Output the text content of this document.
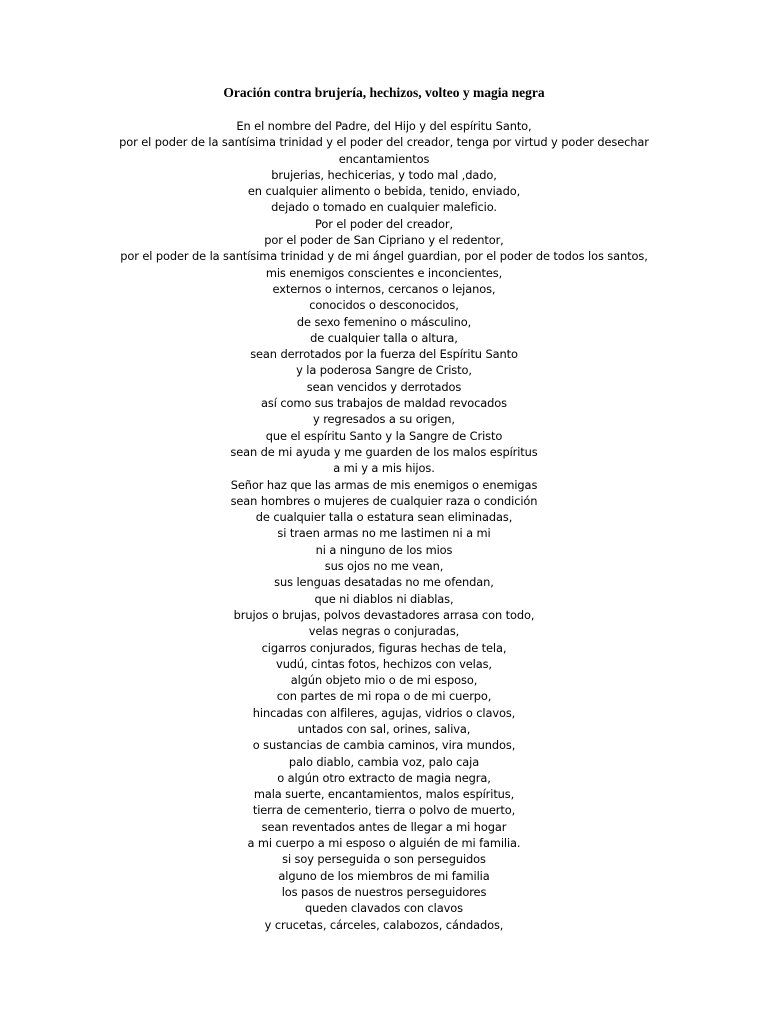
Oración contra brujería, hechizos, volteo y magia negra
En el nombre del Padre, del Hijo y del espíritu Santo,
por el poder de la santísima trinidad y el poder del creador, tenga por virtud y poder desechar
encantamientos
brujerias, hechicerias, y todo mal ,dado,
en cualquier alimento o bebida, tenido, enviado,
dejado o tomado en cualquier maleficio.
Por el poder del creador,
por el poder de San Cipriano y el redentor,
por el poder de la santísima trinidad y de mi ángel guardian, por el poder de todos los santos,
mis enemigos conscientes e inconcientes,
externos o internos, cercanos o lejanos,
conocidos o desconocidos,
de sexo femenino o másculino,
de cualquier talla o altura,
sean derrotados por la fuerza del Espíritu Santo
y la poderosa Sangre de Cristo,
sean vencidos y derrotados
así como sus trabajos de maldad revocados
y regresados a su origen,
que el espíritu Santo y la Sangre de Cristo
sean de mi ayuda y me guarden de los malos espíritus
a mi y a mis hijos.
Señor haz que las armas de mis enemigos o enemigas
sean hombres o mujeres de cualquier raza o condición
de cualquier talla o estatura sean eliminadas,
si traen armas no me lastimen ni a mi
ni a ninguno de los mios
sus ojos no me vean,
sus lenguas desatadas no me ofendan,
que ni diablos ni diablas,
brujos o brujas, polvos devastadores arrasa con todo,
velas negras o conjuradas,
cigarros conjurados, figuras hechas de tela,
vudú, cintas fotos, hechizos con velas,
algún objeto mio o de mi esposo,
con partes de mi ropa o de mi cuerpo,
hincadas con alfileres, agujas, vidrios o clavos,
untados con sal, orines, saliva,
o sustancias de cambia caminos, vira mundos,
palo diablo, cambia voz, palo caja
o algún otro extracto de magia negra,
mala suerte, encantamientos, malos espíritus,
tierra de cementerio, tierra o polvo de muerto,
sean reventados antes de llegar a mi hogar
a mi cuerpo a mi esposo o alguién de mi familia.
si soy perseguida o son perseguidos
alguno de los miembros de mi familia
los pasos de nuestros perseguidores
queden clavados con clavos
y crucetas, cárceles, calabozos, cándados,
